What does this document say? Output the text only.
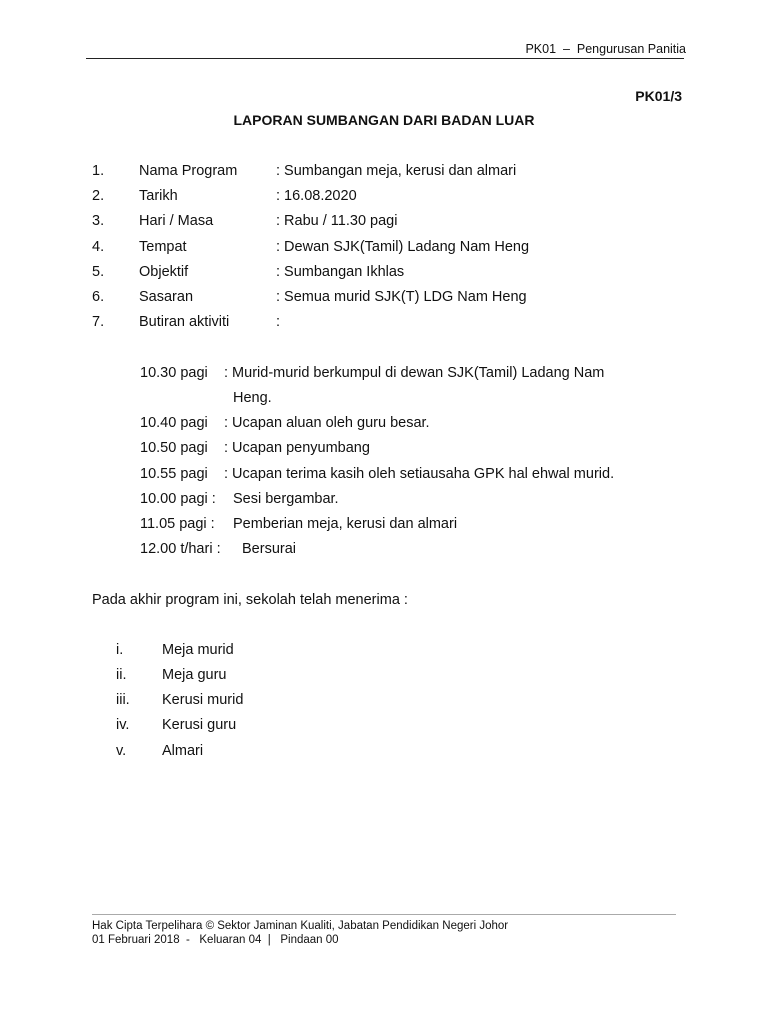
PK01  –  Pengurusan Panitia
PK01/3
LAPORAN SUMBANGAN DARI BADAN LUAR
1. Nama Program	: Sumbangan meja, kerusi dan almari
2. Tarikh	: 16.08.2020
3. Hari / Masa	: Rabu / 11.30 pagi
4. Tempat	: Dewan SJK(Tamil) Ladang Nam Heng
5. Objektif	: Sumbangan Ikhlas
6. Sasaran	: Semua murid SJK(T) LDG Nam Heng
7. Butiran aktiviti	:
10.30 pagi : Murid-murid berkumpul di dewan SJK(Tamil) Ladang Nam
Heng.
10.40 pagi : Ucapan aluan oleh guru besar.
10.50 pagi : Ucapan penyumbang
10.55 pagi : Ucapan terima kasih oleh setiausaha GPK hal ehwal murid.
10.00 pagi : Sesi bergambar.
11.05 pagi : Pemberian meja, kerusi dan almari
12.00 t/hari : Bersurai
Pada akhir program ini, sekolah telah menerima :
i.	Meja murid
ii. Meja guru
iii. Kerusi murid
iv. Kerusi guru
v. Almari
Hak Cipta Terpelihara © Sektor Jaminan Kualiti, Jabatan Pendidikan Negeri Johor
01 Februari 2018  -   Keluaran 04  |   Pindaan 00
